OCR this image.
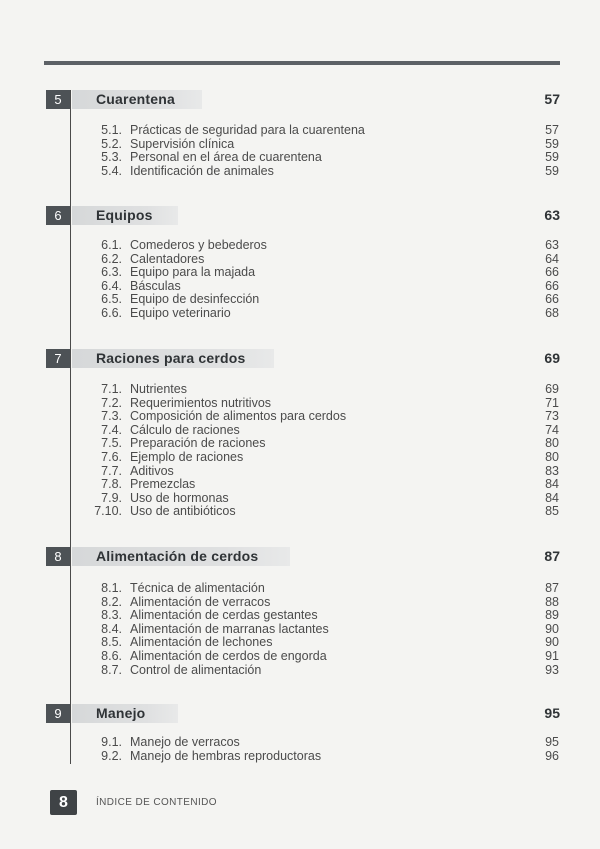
5	Cuarentena	57
5.1. Prácticas de seguridad para la cuarentena	57
5.2. Supervisión clínica	59
5.3. Personal en el área de cuarentena	59
5.4. Identificación de animales	59
6	Equipos	63
6.1. Comederos y bebederos	63
6.2. Calentadores	64
6.3. Equipo para la majada	66
6.4. Básculas	66
6.5. Equipo de desinfección	66
6.6. Equipo veterinario	68
7	Raciones para cerdos	69
7.1. Nutrientes	69
7.2. Requerimientos nutritivos	71
7.3. Composición de alimentos para cerdos	73
7.4. Cálculo de raciones	74
7.5. Preparación de raciones	80
7.6. Ejemplo de raciones	80
7.7. Aditivos	83
7.8. Premezclas	84
7.9. Uso de hormonas	84
7.10. Uso de antibióticos	85
8	Alimentación de cerdos	87
8.1. Técnica de alimentación	87
8.2. Alimentación de verracos	88
8.3. Alimentación de cerdas gestantes	89
8.4. Alimentación de marranas lactantes	90
8.5. Alimentación de lechones	90
8.6. Alimentación de cerdos de engorda	91
8.7. Control de alimentación	93
9	Manejo	95
9.1. Manejo de verracos	95
9.2. Manejo de hembras reproductoras	96
8	ÍNDICE DE CONTENIDO
